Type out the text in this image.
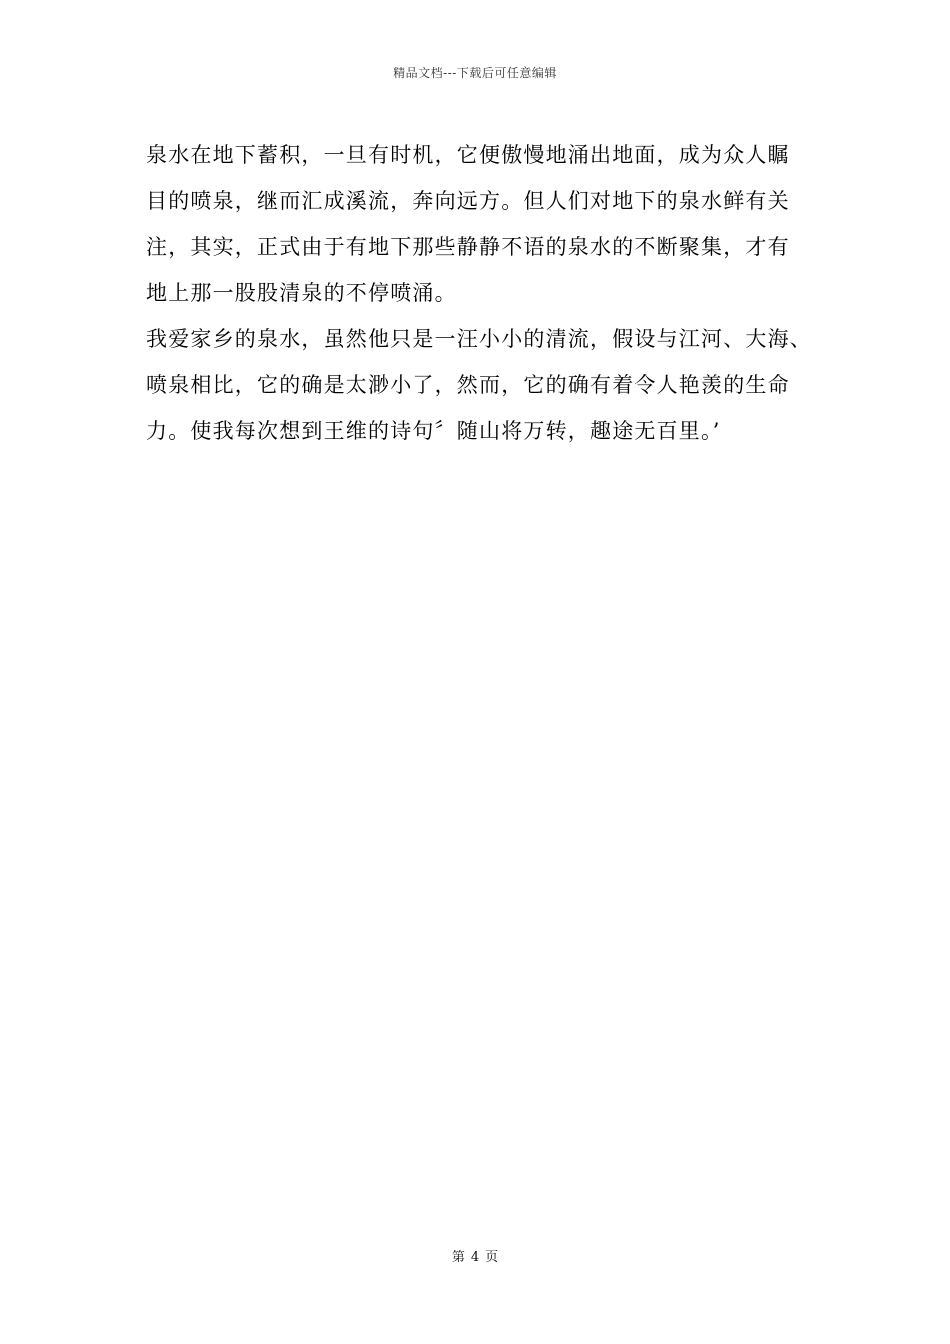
精品文档---下载后可任意编辑
泉水在地下蓄积，一旦有时机，它便傲慢地涌出地面，成为众人瞩
目的喷泉，继而汇成溪流，奔向远方。但人们对地下的泉水鲜有关
注，其实，正式由于有地下那些静静不语的泉水的不断聚集，才有
地上那一股股清泉的不停喷涌。
我爱家乡的泉水，虽然他只是一汪小小的清流，假设与江河、大海、
喷泉相比，它的确是太渺小了，然而，它的确有着令人艳羡的生命
力。使我每次想到王维的诗句〞随山将万转，趣途无百里。’
第 4 页
